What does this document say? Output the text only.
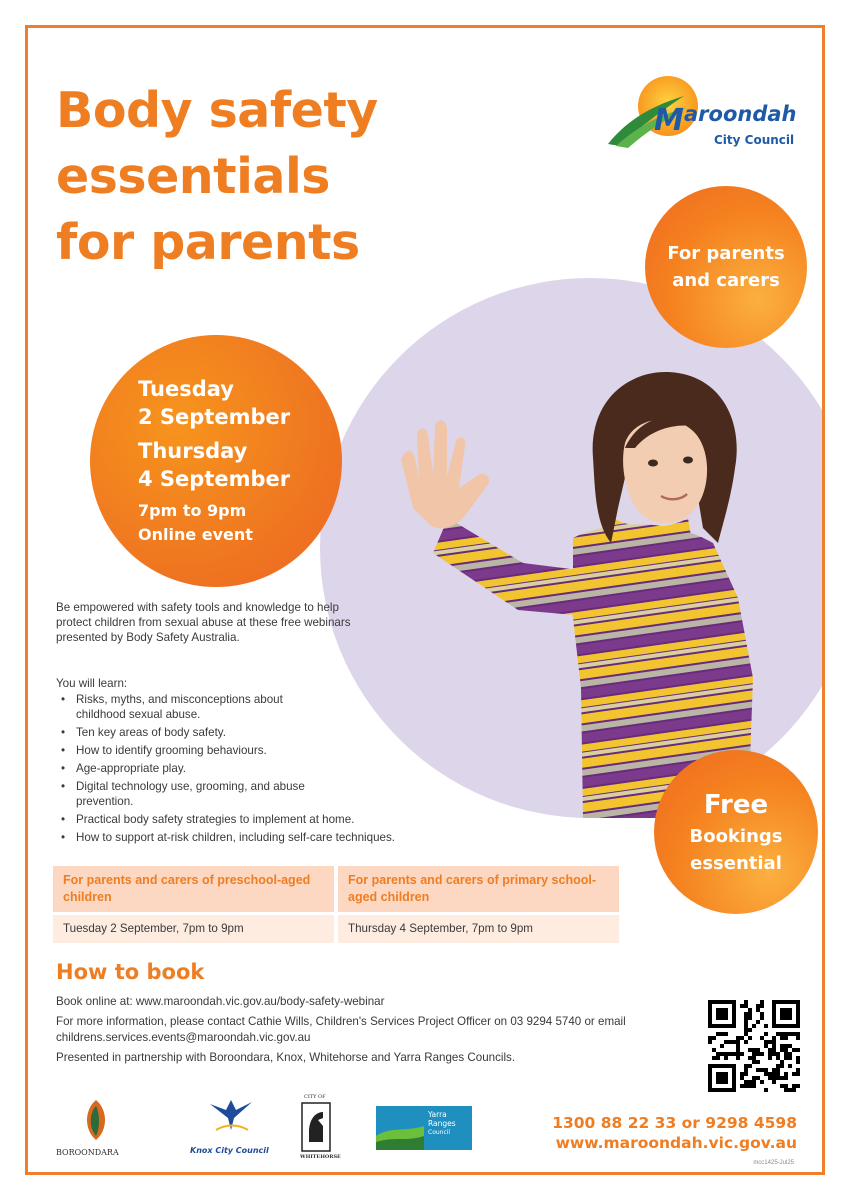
Body safety
essentials
for parents
M aroondah
City Council
Tuesday
2 September
Thursday
4 September
7pm to 9pm
Online event
For parents
and carers
Free
Bookings
essential

Be empowered with safety tools and knowledge to help protect children from sexual abuse at these free webinars presented by Body Safety Australia.

You will learn:
• Risks, myths, and misconceptions about childhood sexual abuse.
• Ten key areas of body safety.
• How to identify grooming behaviours.
• Age-appropriate play.
• Digital technology use, grooming, and abuse prevention.
• Practical body safety strategies to implement at home.
• How to support at-risk children, including self-care techniques.
For parents and carers of preschool-aged children
Tuesday 2 September, 7pm to 9pm
For parents and carers of primary school-aged children
Thursday 4 September, 7pm to 9pm
How to book

Book online at: www.maroondah.vic.gov.au/body-safety-webinar

For more information, please contact Cathie Wills, Children's Services Project Officer on 03 9294 5740 or email childrens.services.events@maroondah.vic.gov.au

Presented in partnership with Boroondara, Knox, Whitehorse and Yarra Ranges Councils.

BOROONDARA	Knox City Council
CITY OF
WHITEHORSE
Yarra
Ranges
Council
1300 88 22 33 or 9298 4598
www.maroondah.vic.gov.au
mcc1425-Jul25
